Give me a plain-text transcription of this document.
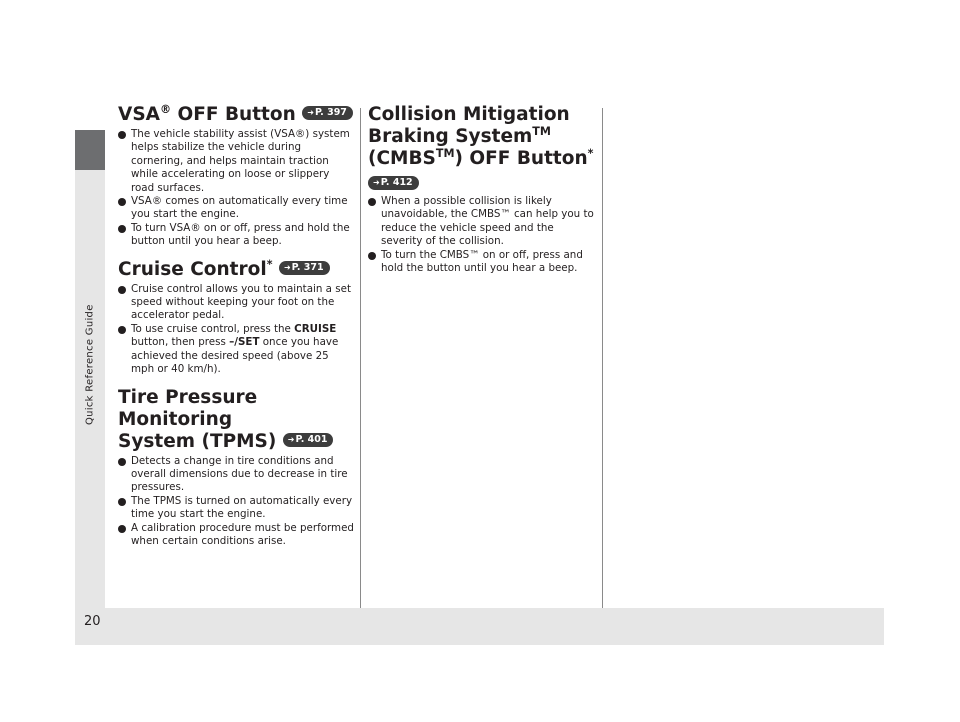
Quick Reference Guide
20
VSA® OFF Button ➜P. 397
The vehicle stability assist (VSA®) system helps stabilize the vehicle during cornering, and helps maintain traction while accelerating on loose or slippery road surfaces.
VSA® comes on automatically every time you start the engine.
To turn VSA® on or off, press and hold the button until you hear a beep.
Cruise Control* ➜P. 371
Cruise control allows you to maintain a set speed without keeping your foot on the accelerator pedal.
To use cruise control, press the CRUISE button, then press –/SET once you have achieved the desired speed (above 25 mph or 40 km/h).
Tire Pressure Monitoring
System (TPMS) ➜P. 401
Detects a change in tire conditions and overall dimensions due to decrease in tire pressures.
The TPMS is turned on automatically every time you start the engine.
A calibration procedure must be performed when certain conditions arise.
Collision Mitigation
Braking System™
(CMBS™) OFF Button*
➜P. 412
When a possible collision is likely unavoidable, the CMBS™ can help you to reduce the vehicle speed and the severity of the collision.
To turn the CMBS™ on or off, press and hold the button until you hear a beep.
